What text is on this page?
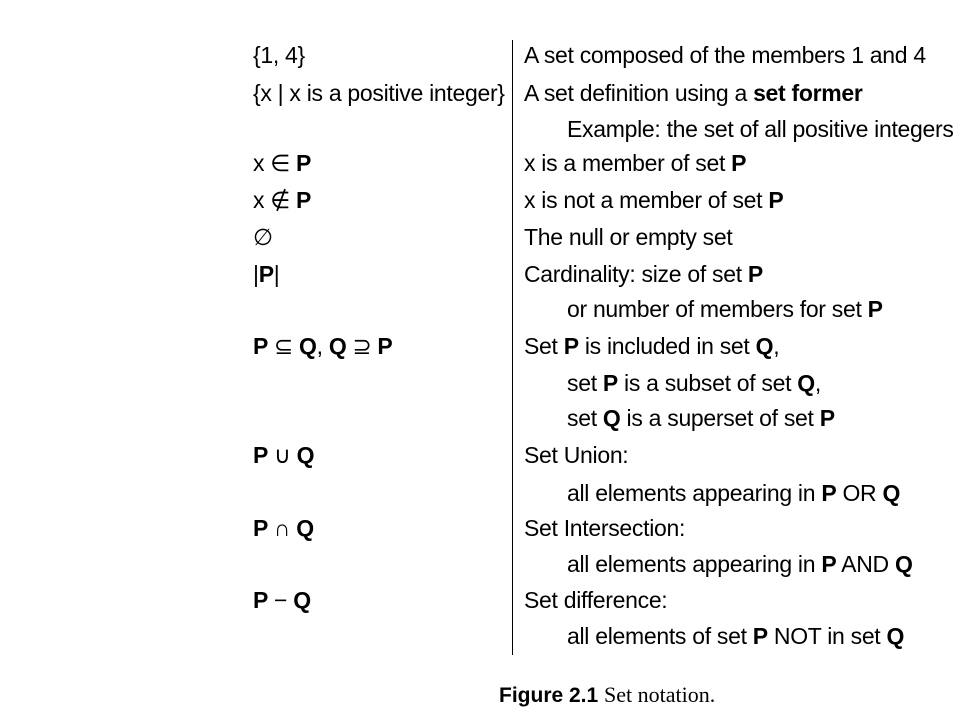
{1, 4}	A set composed of the members 1 and 4
{x | x is a positive integer} A set definition using a set former
Example: the set of all positive integers
x ∈ P	x is a member of set P
x ∉ P	x is not a member of set P
∅	The null or empty set
|P|	Cardinality: size of set P
or number of members for set P
P ⊆ Q, Q ⊇ P	Set P is included in set Q,
set P is a subset of set Q,
set Q is a superset of set P
P ∪ Q	Set Union:
all elements appearing in P OR Q
P ∩ Q	Set Intersection:
all elements appearing in P AND Q
P − Q	Set difference:
all elements of set P NOT in set Q
Figure 2.1 Set notation.
